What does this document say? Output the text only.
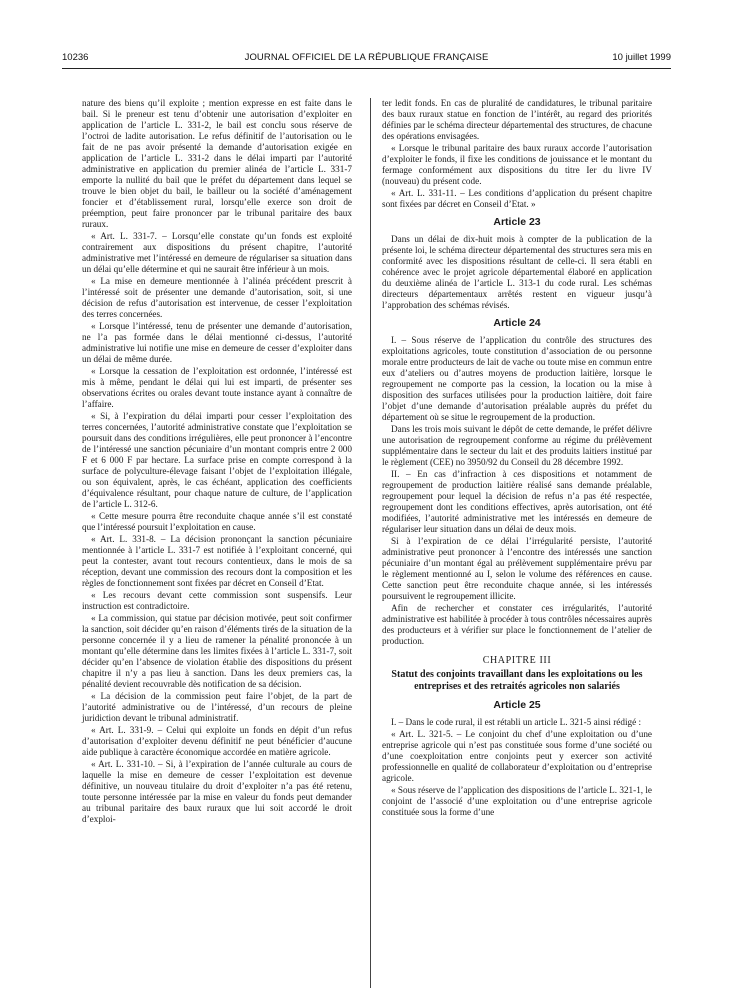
10236	JOURNAL OFFICIEL DE LA RÉPUBLIQUE FRANÇAISE	10 juillet 1999

nature des biens qu’il exploite ; mention expresse en est faite dans le bail. Si le preneur est tenu d’obtenir une autorisation d’exploiter en application de l’article L. 331-2, le bail est conclu sous réserve de l’octroi de ladite autorisation. Le refus définitif de l’autorisation ou le fait de ne pas avoir présenté la demande d’autorisation exigée en application de l’article L. 331-2 dans le délai imparti par l’autorité administrative en application du premier alinéa de l’article L. 331-7 emporte la nullité du bail que le préfet du département dans lequel se trouve le bien objet du bail, le bailleur ou la société d’aménagement foncier et d’établissement rural, lorsqu’elle exerce son droit de préemption, peut faire prononcer par le tribunal paritaire des baux ruraux.

« Art. L. 331-7. – Lorsqu’elle constate qu’un fonds est exploité contrairement aux dispositions du présent chapitre, l’autorité administrative met l’intéressé en demeure de régulariser sa situation dans un délai qu’elle détermine et qui ne saurait être inférieur à un mois.

« La mise en demeure mentionnée à l’alinéa précédent prescrit à l’intéressé soit de présenter une demande d’autorisation, soit, si une décision de refus d’autorisation est intervenue, de cesser l’exploitation des terres concernées.

« Lorsque l’intéressé, tenu de présenter une demande d’autorisation, ne l’a pas formée dans le délai mentionné ci-dessus, l’autorité administrative lui notifie une mise en demeure de cesser d’exploiter dans un délai de même durée.

« Lorsque la cessation de l’exploitation est ordonnée, l’intéressé est mis à même, pendant le délai qui lui est imparti, de présenter ses observations écrites ou orales devant toute instance ayant à connaître de l’affaire.

« Si, à l’expiration du délai imparti pour cesser l’exploitation des terres concernées, l’autorité administrative constate que l’exploitation se poursuit dans des conditions irrégulières, elle peut prononcer à l’encontre de l’intéressé une sanction pécuniaire d’un montant compris entre 2 000 F et 6 000 F par hectare. La surface prise en compte correspond à la surface de polyculture-élevage faisant l’objet de l’exploitation illégale, ou son équivalent, après, le cas échéant, application des coefficients d’équivalence résultant, pour chaque nature de culture, de l’application de l’article L. 312-6.

« Cette mesure pourra être reconduite chaque année s’il est constaté que l’intéressé poursuit l’exploitation en cause.

« Art. L. 331-8. – La décision prononçant la sanction pécuniaire mentionnée à l’article L. 331-7 est notifiée à l’exploitant concerné, qui peut la contester, avant tout recours contentieux, dans le mois de sa réception, devant une commission des recours dont la composition et les règles de fonctionnement sont fixées par décret en Conseil d’Etat.

« Les recours devant cette commission sont suspensifs. Leur instruction est contradictoire.

« La commission, qui statue par décision motivée, peut soit confirmer la sanction, soit décider qu’en raison d’éléments tirés de la situation de la personne concernée il y a lieu de ramener la pénalité prononcée à un montant qu’elle détermine dans les limites fixées à l’article L. 331-7, soit décider qu’en l’absence de violation établie des dispositions du présent chapitre il n’y a pas lieu à sanction. Dans les deux premiers cas, la pénalité devient recouvrable dès notification de sa décision.

« La décision de la commission peut faire l’objet, de la part de l’autorité administrative ou de l’intéressé, d’un recours de pleine juridiction devant le tribunal administratif.

« Art. L. 331-9. – Celui qui exploite un fonds en dépit d’un refus d’autorisation d’exploiter devenu définitif ne peut bénéficier d’aucune aide publique à caractère économique accordée en matière agricole.

« Art. L. 331-10. – Si, à l’expiration de l’année culturale au cours de laquelle la mise en demeure de cesser l’exploitation est devenue définitive, un nouveau titulaire du droit d’exploiter n’a pas été retenu, toute personne intéressée par la mise en valeur du fonds peut demander au tribunal paritaire des baux ruraux que lui soit accordé le droit d’exploi-

ter ledit fonds. En cas de pluralité de candidatures, le tribunal paritaire des baux ruraux statue en fonction de l’intérêt, au regard des priorités définies par le schéma directeur départemental des structures, de chacune des opérations envisagées.

« Lorsque le tribunal paritaire des baux ruraux accorde l’autorisation d’exploiter le fonds, il fixe les conditions de jouissance et le montant du fermage conformément aux dispositions du titre Ier du livre IV (nouveau) du présent code.

« Art. L. 331-11. – Les conditions d’application du présent chapitre sont fixées par décret en Conseil d’Etat. »

Article 23

Dans un délai de dix-huit mois à compter de la publication de la présente loi, le schéma directeur départemental des structures sera mis en conformité avec les dispositions résultant de celle-ci. Il sera établi en cohérence avec le projet agricole départemental élaboré en application du deuxième alinéa de l’article L. 313-1 du code rural. Les schémas directeurs départementaux arrêtés restent en vigueur jusqu’à l’approbation des schémas révisés.

Article 24

I. – Sous réserve de l’application du contrôle des structures des exploitations agricoles, toute constitution d’association de ou personne morale entre producteurs de lait de vache ou toute mise en commun entre eux d’ateliers ou d’autres moyens de production laitière, lorsque le regroupement ne comporte pas la cession, la location ou la mise à disposition des surfaces utilisées pour la production laitière, doit faire l’objet d’une demande d’autorisation préalable auprès du préfet du département où se situe le regroupement de la production.

Dans les trois mois suivant le dépôt de cette demande, le préfet délivre une autorisation de regroupement conforme au régime du prélèvement supplémentaire dans le secteur du lait et des produits laitiers institué par le règlement (CEE) no 3950/92 du Conseil du 28 décembre 1992.

II. – En cas d’infraction à ces dispositions et notamment de regroupement de production laitière réalisé sans demande préalable, regroupement pour lequel la décision de refus n’a pas été respectée, regroupement dont les conditions effectives, après autorisation, ont été modifiées, l’autorité administrative met les intéressés en demeure de régulariser leur situation dans un délai de deux mois.

Si à l’expiration de ce délai l’irrégularité persiste, l’autorité administrative peut prononcer à l’encontre des intéressés une sanction pécuniaire d’un montant égal au prélèvement supplémentaire prévu par le règlement mentionné au I, selon le volume des références en cause. Cette sanction peut être reconduite chaque année, si les intéressés poursuivent le regroupement illicite.

Afin de rechercher et constater ces irrégularités, l’autorité administrative est habilitée à procéder à tous contrôles nécessaires auprès des producteurs et à vérifier sur place le fonctionnement de l’atelier de production.

CHAPITRE III
Statut des conjoints travaillant dans les exploitations ou les entreprises et des retraités agricoles non salariés
Article 25

I. – Dans le code rural, il est rétabli un article L. 321-5 ainsi rédigé :

« Art. L. 321-5. – Le conjoint du chef d’une exploitation ou d’une entreprise agricole qui n’est pas constituée sous forme d’une société ou d’une coexploitation entre conjoints peut y exercer son activité professionnelle en qualité de collaborateur d’exploitation ou d’entreprise agricole.

« Sous réserve de l’application des dispositions de l’article L. 321-1, le conjoint de l’associé d’une exploitation ou d’une entreprise agricole constituée sous la forme d’une
